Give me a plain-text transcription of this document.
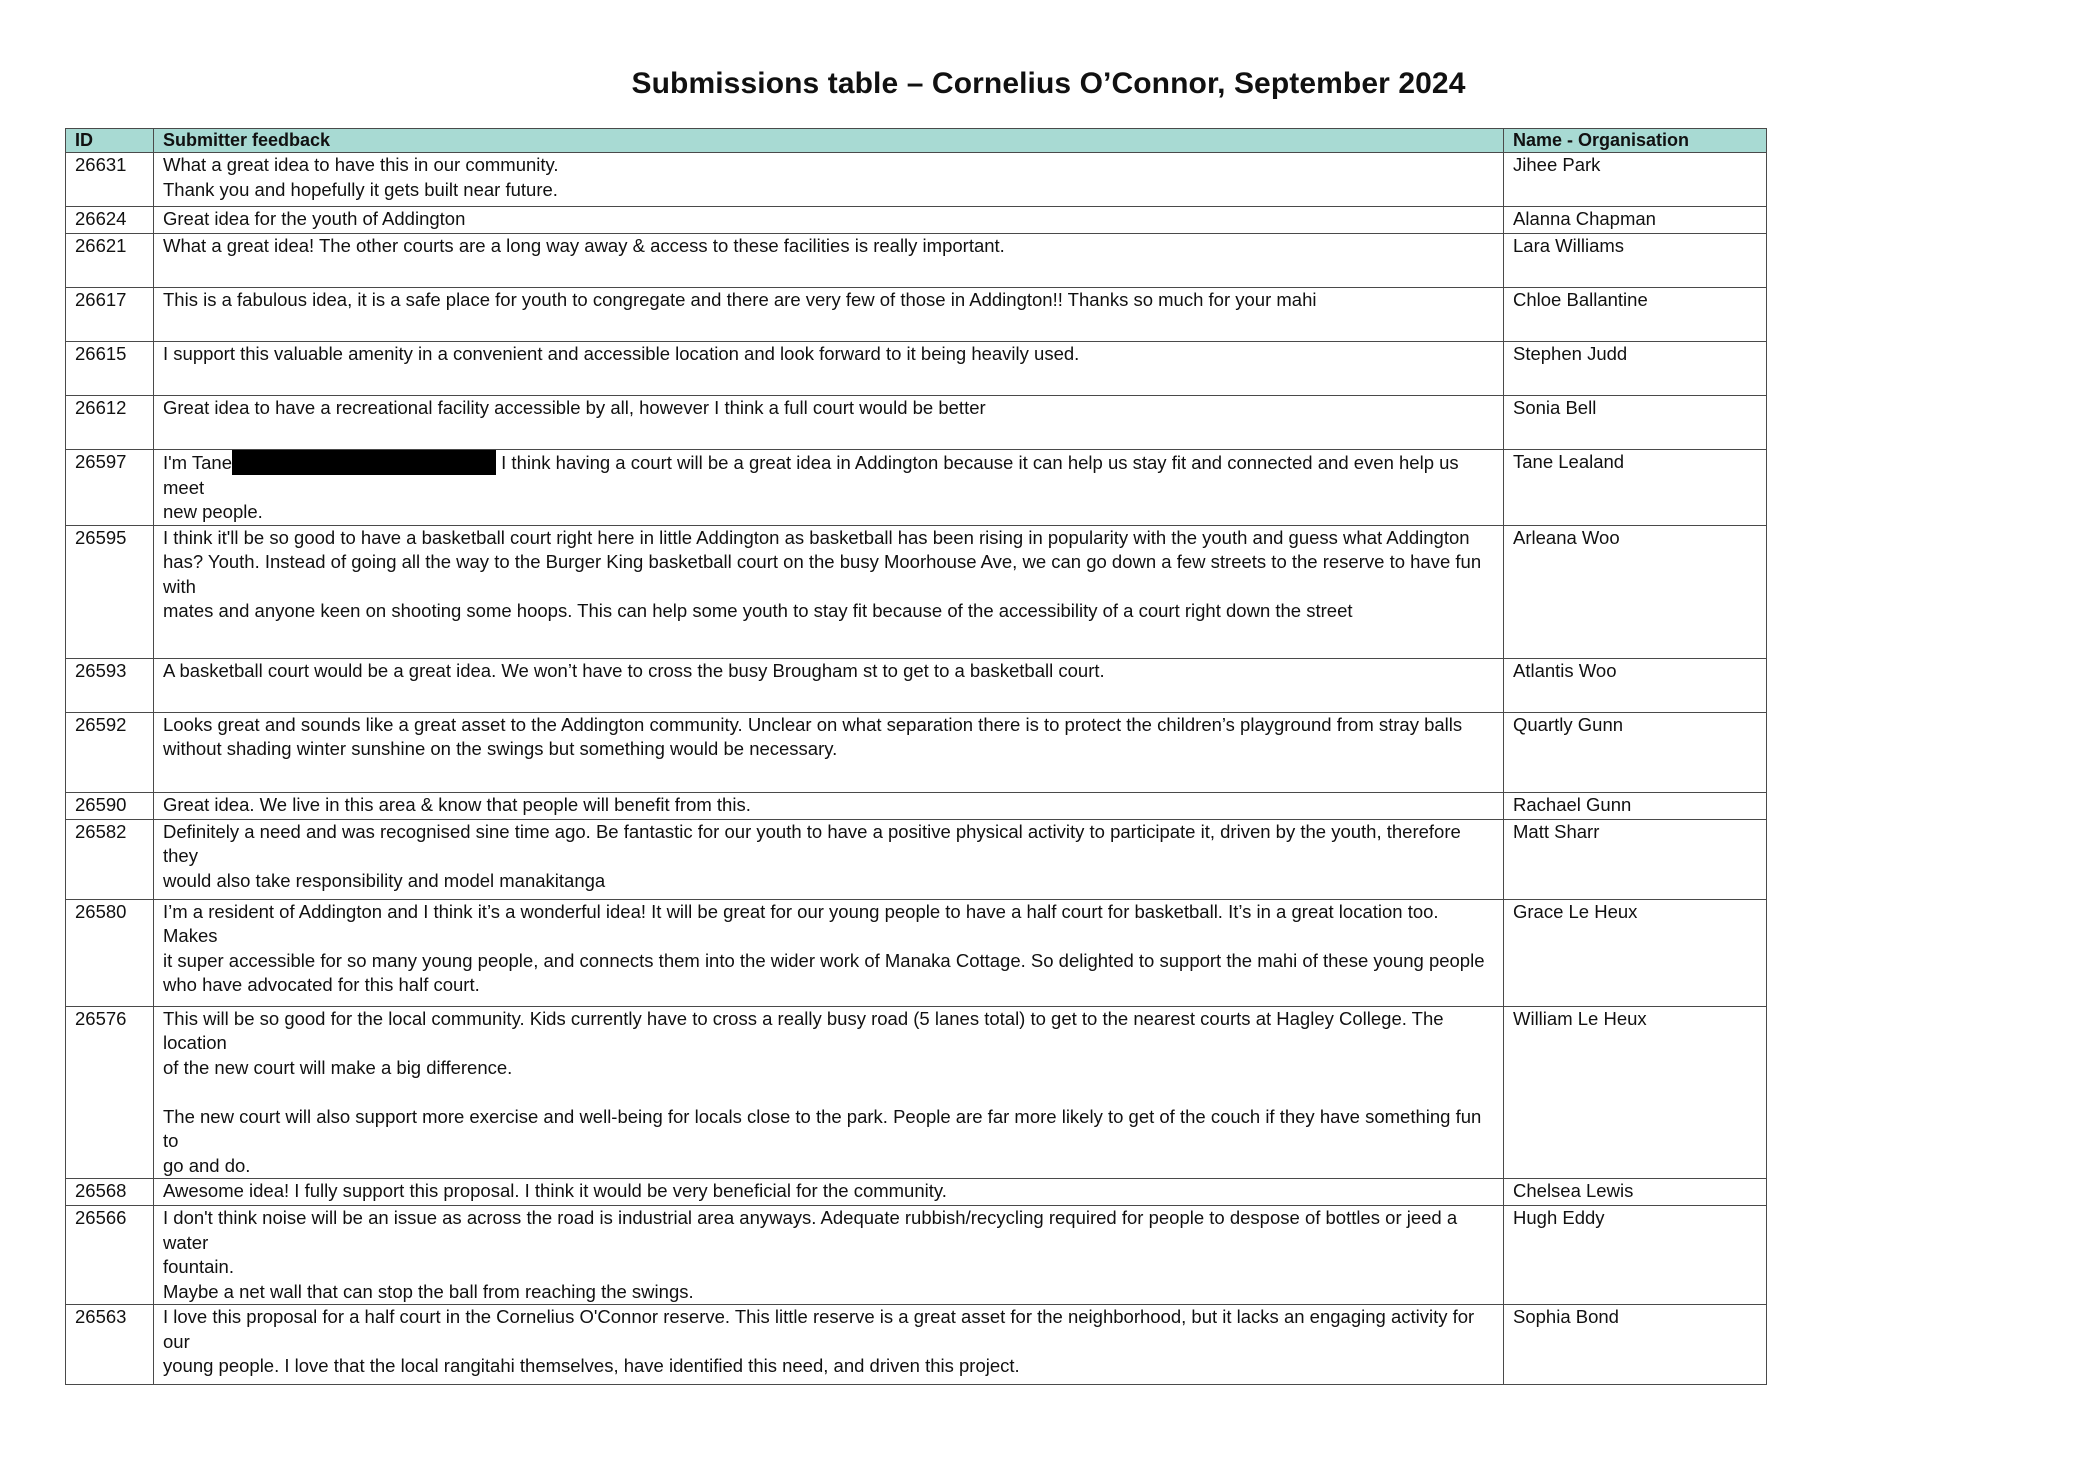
Submissions table – Cornelius O’Connor, September 2024
ID	Submitter feedback	Name - Organisation
26631	What a great idea to have this in our community.
Thank you and hopefully it gets built near future.	Jihee Park
26624	Great idea for the youth of Addington	Alanna Chapman
26621	What a great idea! The other courts are a long way away & access to these facilities is really important.	Lara Williams
26617	This is a fabulous idea, it is a safe place for youth to congregate and there are very few of those in Addington!! Thanks so much for your mahi	Chloe Ballantine
26615	I support this valuable amenity in a convenient and accessible location and look forward to it being heavily used.	Stephen Judd
26612	Great idea to have a recreational facility accessible by all, however I think a full court would be better	Sonia Bell
26597	I'm Tane I think having a court will be a great idea in Addington because it can help us stay fit and connected and even help us meet
new people.	Tane Lealand
26595	I think it'll be so good to have a basketball court right here in little Addington as basketball has been rising in popularity with the youth and guess what Addington
has? Youth. Instead of going all the way to the Burger King basketball court on the busy Moorhouse Ave, we can go down a few streets to the reserve to have fun with
mates and anyone keen on shooting some hoops. This can help some youth to stay fit because of the accessibility of a court right down the street	Arleana Woo
26593	A basketball court would be a great idea. We won’t have to cross the busy Brougham st to get to a basketball court.	Atlantis Woo
26592	Looks great and sounds like a great asset to the Addington community. Unclear on what separation there is to protect the children’s playground from stray balls
without shading winter sunshine on the swings but something would be necessary.	Quartly Gunn
26590	Great idea. We live in this area & know that people will benefit from this.	Rachael Gunn
26582	Definitely a need and was recognised sine time ago. Be fantastic for our youth to have a positive physical activity to participate it, driven by the youth, therefore they
would also take responsibility and model manakitanga	Matt Sharr
26580	I’m a resident of Addington and I think it’s a wonderful idea! It will be great for our young people to have a half court for basketball. It’s in a great location too. Makes
it super accessible for so many young people, and connects them into the wider work of Manaka Cottage. So delighted to support the mahi of these young people
who have advocated for this half court.	Grace Le Heux
26576	This will be so good for the local community. Kids currently have to cross a really busy road (5 lanes total) to get to the nearest courts at Hagley College. The location
of the new court will make a big difference.
The new court will also support more exercise and well-being for locals close to the park. People are far more likely to get of the couch if they have something fun to
go and do.	William Le Heux
26568	Awesome idea! I fully support this proposal. I think it would be very beneficial for the community.	Chelsea Lewis
26566	I don't think noise will be an issue as across the road is industrial area anyways. Adequate rubbish/recycling required for people to despose of bottles or jeed a water
fountain.
Maybe a net wall that can stop the ball from reaching the swings.	Hugh Eddy
26563	I love this proposal for a half court in the Cornelius O'Connor reserve. This little reserve is a great asset for the neighborhood, but it lacks an engaging activity for our
young people. I love that the local rangitahi themselves, have identified this need, and driven this project.	Sophia Bond
